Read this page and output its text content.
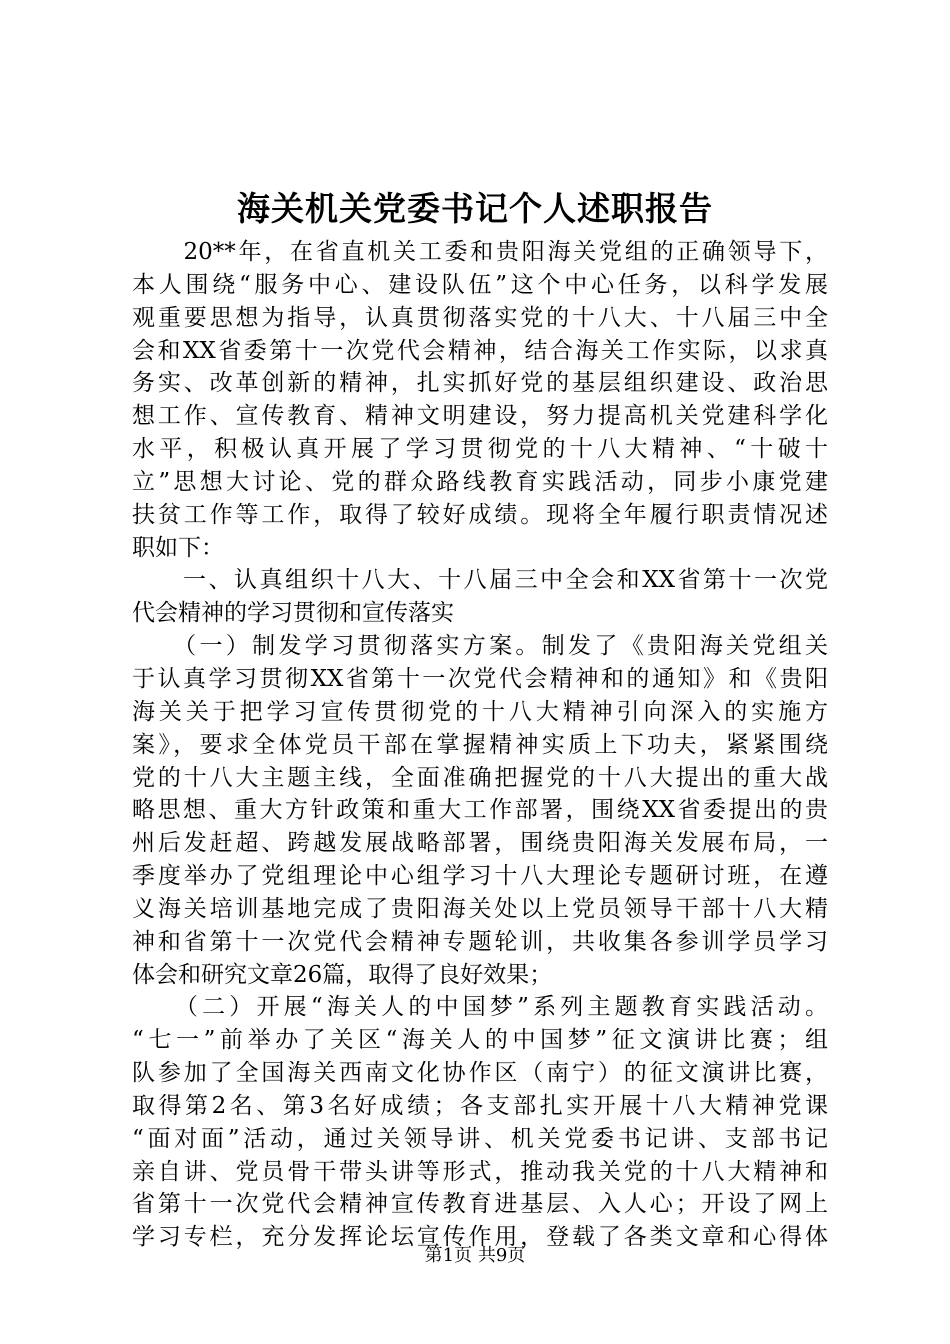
海关机关党委书记个人述职报告
　　20**年，在省直机关工委和贵阳海关党组的正确领导下，
本人围绕“服务中心、建设队伍”这个中心任务，以科学发展
观重要思想为指导，认真贯彻落实党的十八大、十八届三中全
会和XX省委第十一次党代会精神，结合海关工作实际，以求真
务实、改革创新的精神，扎实抓好党的基层组织建设、政治思
想工作、宣传教育、精神文明建设，努力提高机关党建科学化
水平，积极认真开展了学习贯彻党的十八大精神、“十破十
立”思想大讨论、党的群众路线教育实践活动，同步小康党建
扶贫工作等工作，取得了较好成绩。现将全年履行职责情况述
职如下：
　　一、认真组织十八大、十八届三中全会和XX省第十一次党
代会精神的学习贯彻和宣传落实
　　（一）制发学习贯彻落实方案。制发了《贵阳海关党组关
于认真学习贯彻XX省第十一次党代会精神和的通知》和《贵阳
海关关于把学习宣传贯彻党的十八大精神引向深入的实施方
案》，要求全体党员干部在掌握精神实质上下功夫，紧紧围绕
党的十八大主题主线，全面准确把握党的十八大提出的重大战
略思想、重大方针政策和重大工作部署，围绕XX省委提出的贵
州后发赶超、跨越发展战略部署，围绕贵阳海关发展布局，一
季度举办了党组理论中心组学习十八大理论专题研讨班，在遵
义海关培训基地完成了贵阳海关处以上党员领导干部十八大精
神和省第十一次党代会精神专题轮训，共收集各参训学员学习
体会和研究文章26篇，取得了良好效果；
　　（二）开展“海关人的中国梦”系列主题教育实践活动。
“七一”前举办了关区“海关人的中国梦”征文演讲比赛；组
队参加了全国海关西南文化协作区（南宁）的征文演讲比赛，
取得第2名、第3名好成绩；各支部扎实开展十八大精神党课
“面对面”活动，通过关领导讲、机关党委书记讲、支部书记
亲自讲、党员骨干带头讲等形式，推动我关党的十八大精神和
省第十一次党代会精神宣传教育进基层、入人心；开设了网上
学习专栏，充分发挥论坛宣传作用，登载了各类文章和心得体
第1页 共9页
